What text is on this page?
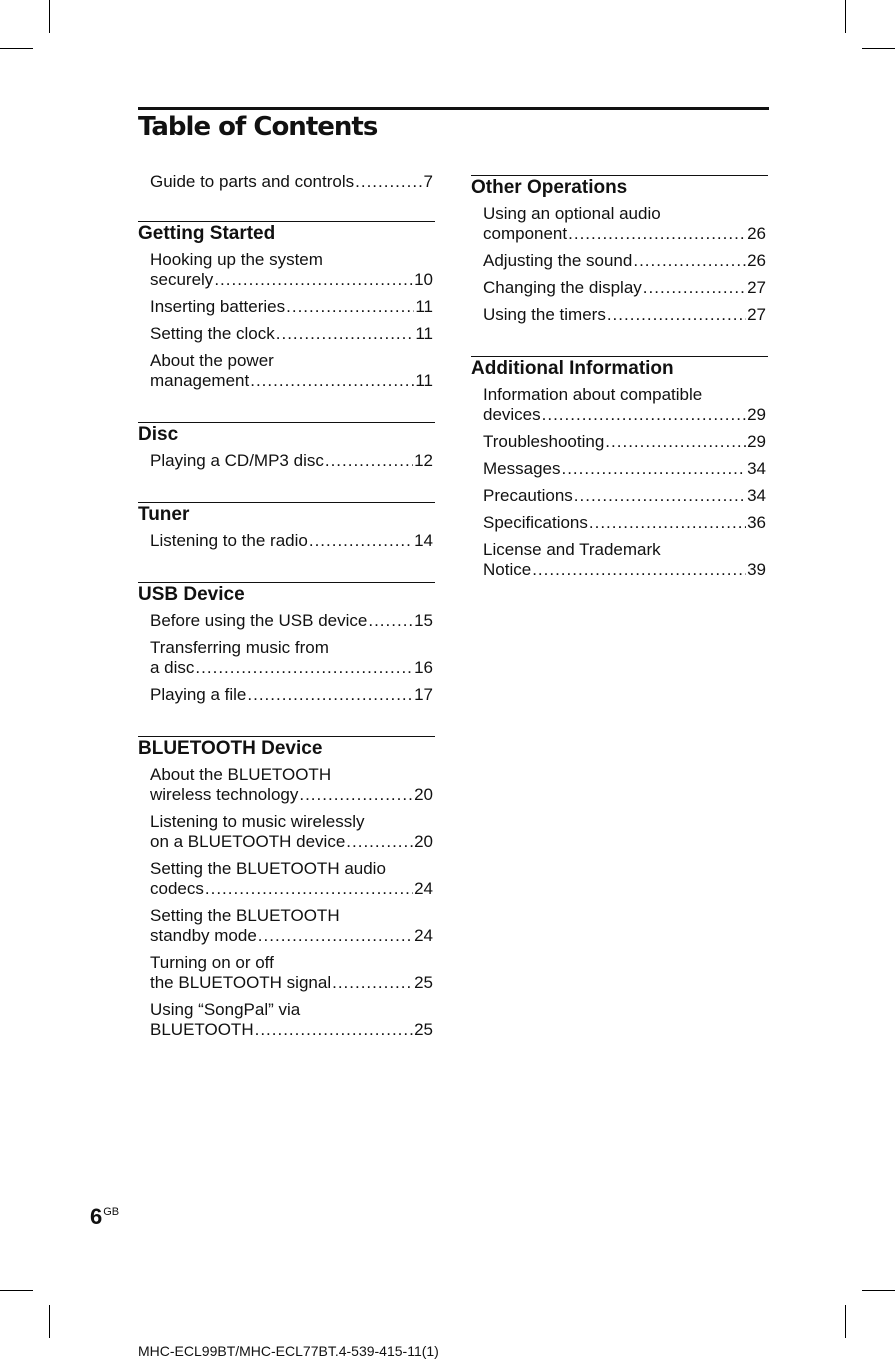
Table of Contents
Guide to parts and controls .....	7
Getting Started
Hooking up the system
securely .....	10
Inserting batteries .....	11
Setting the clock .....	11
About the power
management .....	11
Disc
Playing a CD/MP3 disc .....	12
Tuner
Listening to the radio .....	14
USB Device
Before using the USB device .....	15
Transferring music from
a disc .....	16
Playing a file .....	17
BLUETOOTH Device
About the BLUETOOTH
wireless technology .....	20
Listening to music wirelessly
on a BLUETOOTH device .....	20
Setting the BLUETOOTH audio
codecs .....	24
Setting the BLUETOOTH
standby mode .....	24
Turning on or off
the BLUETOOTH signal .....	25
Using “SongPal” via
BLUETOOTH .....	25
Other Operations
Using an optional audio
component .....	26
Adjusting the sound .....	26
Changing the display .....	27
Using the timers .....	27
Additional Information
Information about compatible
devices .....	29
Troubleshooting .....	29
Messages .....	34
Precautions .....	34
Specifications .....	36
License and Trademark
Notice .....	39
$6^{GB}$
MHC-ECL99BT/MHC-ECL77BT.4-539-415-11(1)
